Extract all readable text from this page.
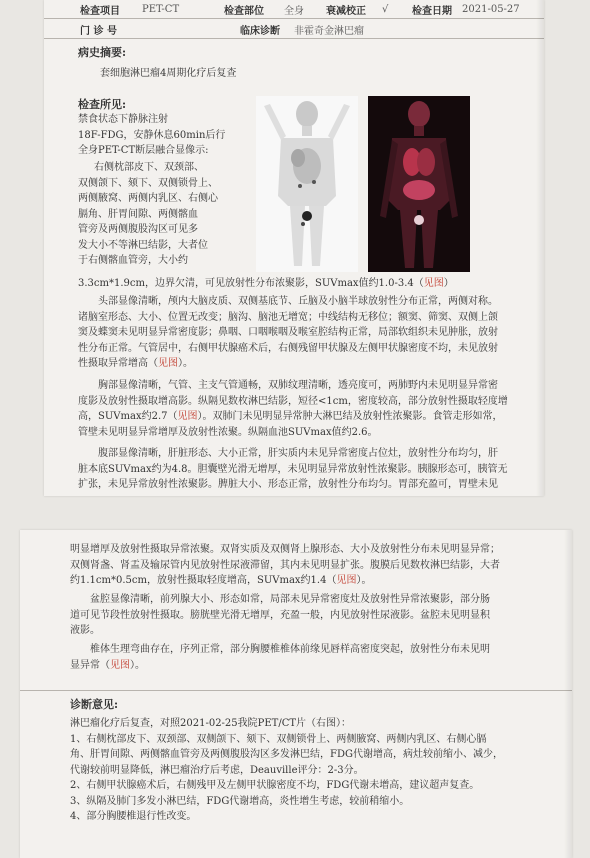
检查项目 PET-CT	检查部位 全身 衰减校正 √ 检查日期 2021-05-27
门 诊 号	临床诊断 非霍奇金淋巴瘤
病史摘要:
套细胞淋巴瘤4周期化疗后复查
检查所见:
禁食状态下静脉注射
18F-FDG，安静休息60min后行
全身PET-CT断层融合显像示:
右侧枕部皮下、双颈部、
双侧颌下、颏下、双侧锁骨上、
两侧腋窝、两侧内乳区、右侧心
膈角、肝胃间隙、两侧髂血
管旁及两侧腹股沟区可见多
发大小不等淋巴结影，大者位
于右侧髂血管旁，大小约
3.3cm*1.9cm，边界欠清，可见放射性分布浓聚影，SUVmax值约1.0-3.4（见图）
头部显像清晰，颅内大脑皮质、双侧基底节、丘脑及小脑半球放射性分布正常，两侧对称。
诸脑室形态、大小、位置无改变；脑沟、脑池无增宽；中线结构无移位；额窦、筛窦、双侧上颌
窦及蝶窦未见明显异常密度影；鼻咽、口咽喉咽及喉室腔结构正常，局部软组织未见肿胀，放射
性分布正常。气管居中，右侧甲状腺癌术后，右侧残留甲状腺及左侧甲状腺密度不均，未见放射
性摄取异常增高（见图）。
胸部显像清晰，气管、主支气管通畅，双肺纹理清晰，透亮度可，两肺野内未见明显异常密
度影及放射性摄取增高影。纵隔见数枚淋巴结影，短径<1cm，密度较高，部分放射性摄取轻度增
高，SUVmax约2.7（见图）。双肺门未见明显异常肿大淋巴结及放射性浓聚影。食管走形如常，
管壁未见明显异常增厚及放射性浓聚。纵隔血池SUVmax值约2.6。
腹部显像清晰，肝脏形态、大小正常，肝实质内未见异常密度占位灶，放射性分布均匀，肝
脏本底SUVmax约为4.8。胆囊壁光滑无增厚，未见明显异常放射性浓聚影。胰腺形态可，胰管无
扩张，未见异常放射性浓聚影。脾脏大小、形态正常，放射性分布均匀。胃部充盈可，胃壁未见
明显增厚及放射性摄取异常浓聚。双肾实质及双侧肾上腺形态、大小及放射性分布未见明显异常；
双侧肾盏、肾盂及输尿管内见放射性尿液滞留，其内未见明显扩张。腹膜后见数枚淋巴结影，大者
约1.1cm*0.5cm，放射性摄取轻度增高，SUVmax约1.4（见图）。
盆腔显像清晰，前列腺大小、形态如常，局部未见异常密度灶及放射性异常浓聚影，部分肠
道可见节段性放射性摄取。膀胱壁光滑无增厚，充盈一般，内见放射性尿液影。盆腔未见明显积
液影。
椎体生理弯曲存在，序列正常，部分胸腰椎椎体前缘见唇样高密度突起，放射性分布未见明
显异常（见图）。
诊断意见:
淋巴瘤化疗后复查，对照2021-02-25我院PET/CT片（右图）：
1、右侧枕部皮下、双颈部、双侧颌下、颏下、双侧锁骨上、两侧腋窝、两侧内乳区、右侧心膈
角、肝胃间隙、两侧髂血管旁及两侧腹股沟区多发淋巴结，FDG代谢增高，病灶较前缩小、减少，
代谢较前明显降低，淋巴瘤治疗后考虑，Deauville评分：2-3分。
2、右侧甲状腺癌术后，右侧残甲及左侧甲状腺密度不均，FDG代谢未增高，建议超声复查。
3、纵隔及肺门多发小淋巴结，FDG代谢增高，炎性增生考虑，较前稍缩小。
4、部分胸腰椎退行性改变。
